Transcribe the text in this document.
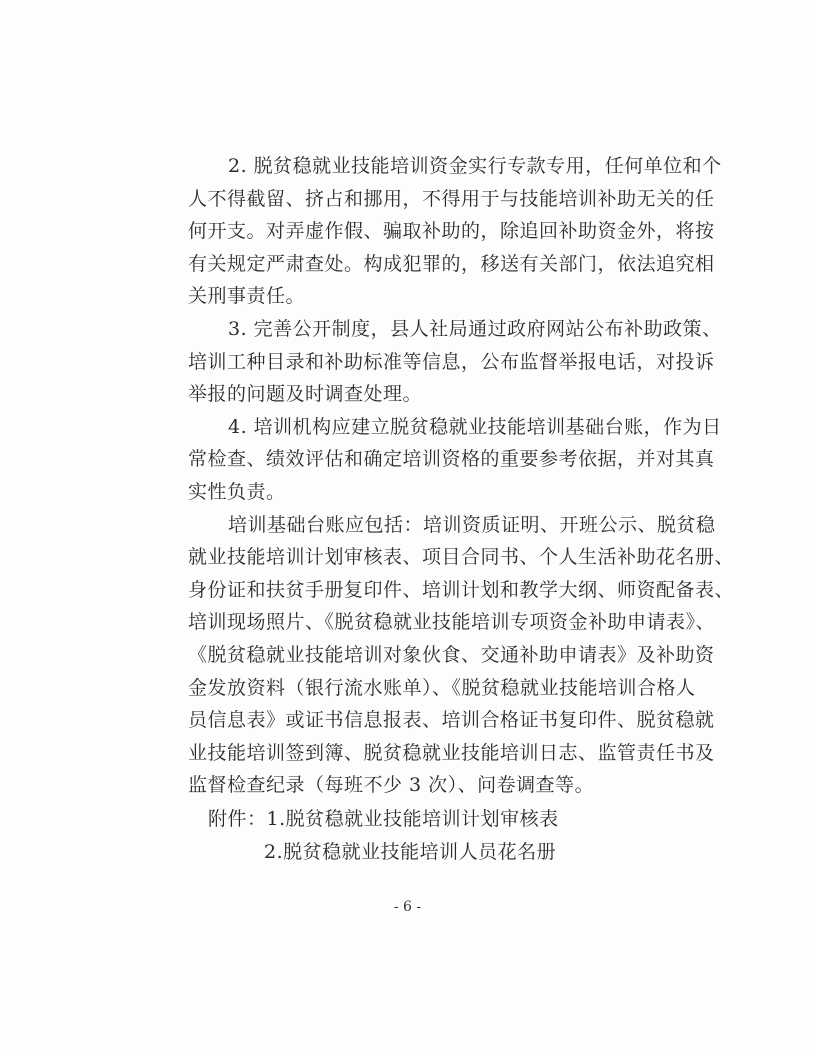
2. 脱贫稳就业技能培训资金实行专款专用，任何单位和个
人不得截留、挤占和挪用，不得用于与技能培训补助无关的任
何开支。对弄虚作假、骗取补助的，除追回补助资金外，将按
有关规定严肃查处。构成犯罪的，移送有关部门，依法追究相
关刑事责任。
3. 完善公开制度，县人社局通过政府网站公布补助政策、
培训工种目录和补助标准等信息，公布监督举报电话，对投诉
举报的问题及时调查处理。
4. 培训机构应建立脱贫稳就业技能培训基础台账，作为日
常检查、绩效评估和确定培训资格的重要参考依据，并对其真
实性负责。
培训基础台账应包括：培训资质证明、开班公示、脱贫稳
就业技能培训计划审核表、项目合同书、个人生活补助花名册、
身份证和扶贫手册复印件、培训计划和教学大纲、师资配备表、
培训现场照片、《脱贫稳就业技能培训专项资金补助申请表》、
《脱贫稳就业技能培训对象伙食、交通补助申请表》及补助资
金发放资料（银行流水账单）、《脱贫稳就业技能培训合格人
员信息表》或证书信息报表、培训合格证书复印件、脱贫稳就
业技能培训签到簿、脱贫稳就业技能培训日志、监管责任书及
监督检查纪录（每班不少 3 次）、问卷调查等。
附件：1.脱贫稳就业技能培训计划审核表
2.脱贫稳就业技能培训人员花名册
- 6 -
